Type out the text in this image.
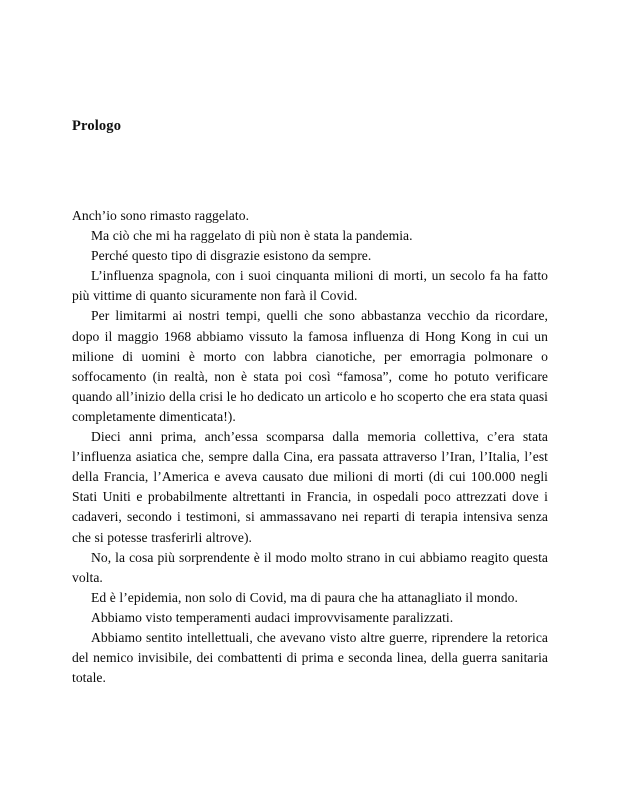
Prologo

Anch’io sono rimasto raggelato.

Ma ciò che mi ha raggelato di più non è stata la pandemia.

Perché questo tipo di disgrazie esistono da sempre.

L’influenza spagnola, con i suoi cinquanta milioni di morti, un secolo fa ha fatto più vittime di quanto sicuramente non farà il Covid.

Per limitarmi ai nostri tempi, quelli che sono abbastanza vecchio da ricordare, dopo il maggio 1968 abbiamo vissuto la famosa influenza di Hong Kong in cui un milione di uomini è morto con labbra cianotiche, per emorragia polmonare o soffocamento (in realtà, non è stata poi così “famosa”, come ho potuto verificare quando all’inizio della crisi le ho dedicato un articolo e ho scoperto che era stata quasi completamente dimenticata!).

Dieci anni prima, anch’essa scomparsa dalla memoria collettiva, c’era stata l’influenza asiatica che, sempre dalla Cina, era passata attraverso l’Iran, l’Italia, l’est della Francia, l’America e aveva causato due milioni di morti (di cui 100.000 negli Stati Uniti e probabilmente altrettanti in Francia, in ospedali poco attrezzati dove i cadaveri, secondo i testimoni, si ammassavano nei reparti di terapia intensiva senza che si potesse trasferirli altrove).

No, la cosa più sorprendente è il modo molto strano in cui abbiamo reagito questa volta.

Ed è l’epidemia, non solo di Covid, ma di paura che ha attanagliato il mondo.

Abbiamo visto temperamenti audaci improvvisamente paralizzati.

Abbiamo sentito intellettuali, che avevano visto altre guerre, riprendere la retorica del nemico invisibile, dei combattenti di prima e seconda linea, della guerra sanitaria totale.
